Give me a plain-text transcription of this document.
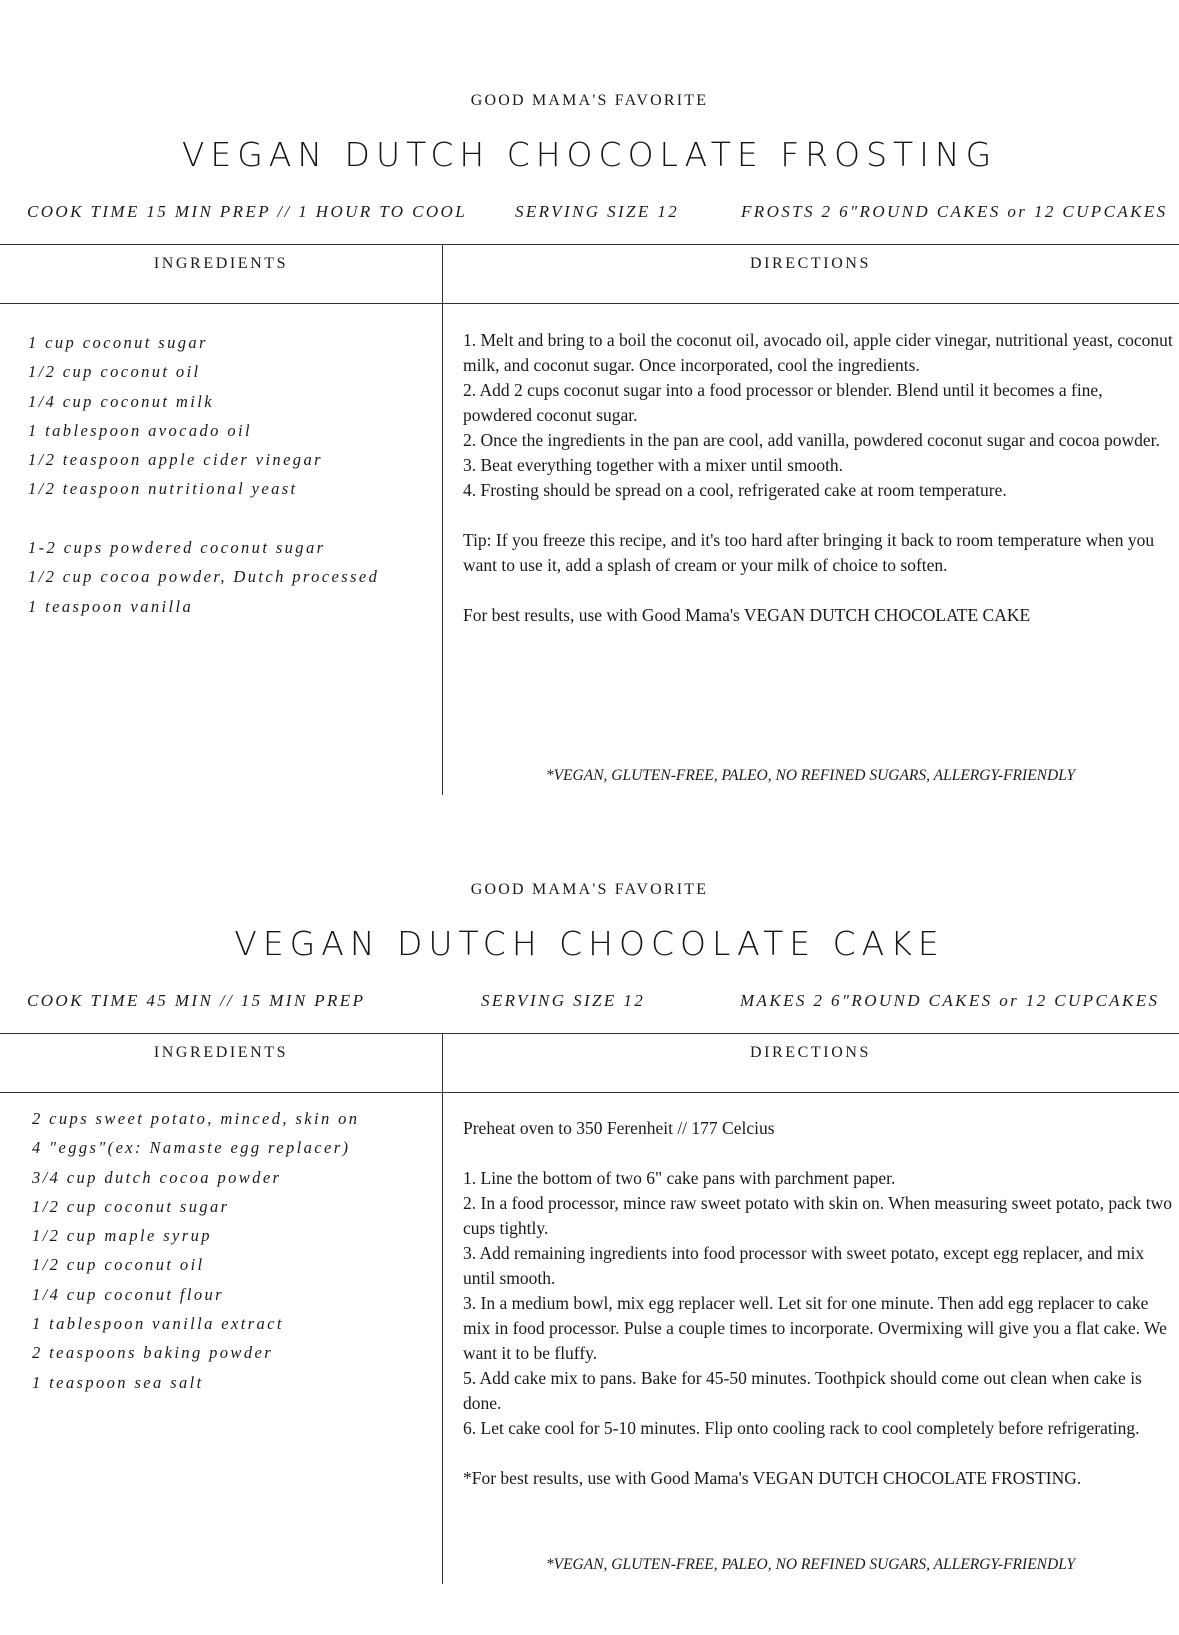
GOOD MAMA'S FAVORITE
VEGAN DUTCH CHOCOLATE FROSTING
COOK TIME 15 MIN PREP // 1 HOUR TO COOL	SERVING SIZE 12	FROSTS 2 6"ROUND CAKES or 12 CUPCAKES
INGREDIENTS	DIRECTIONS
1 cup coconut sugar
1/2 cup coconut oil
1/4 cup coconut milk
1 tablespoon avocado oil
1/2 teaspoon apple cider vinegar
1/2 teaspoon nutritional yeast
1-2 cups powdered coconut sugar
1/2 cup cocoa powder, Dutch processed
1 teaspoon vanilla

1. Melt and bring to a boil the coconut oil, avocado oil, apple cider vinegar, nutritional yeast, coconut milk, and coconut sugar. Once incorporated, cool the ingredients.

2. Add 2 cups coconut sugar into a food processor or blender. Blend until it becomes a fine, powdered coconut sugar.

2. Once the ingredients in the pan are cool, add vanilla, powdered coconut sugar and cocoa powder.

3. Beat everything together with a mixer until smooth.

4. Frosting should be spread on a cool, refrigerated cake at room temperature.

Tip: If you freeze this recipe, and it's too hard after bringing it back to room temperature when you want to use it, add a splash of cream or your milk of choice to soften.

For best results, use with Good Mama's VEGAN DUTCH CHOCOLATE CAKE

*VEGAN, GLUTEN-FREE, PALEO, NO REFINED SUGARS, ALLERGY-FRIENDLY
GOOD MAMA'S FAVORITE
VEGAN DUTCH CHOCOLATE CAKE
COOK TIME 45 MIN // 15 MIN PREP	SERVING SIZE 12	MAKES 2 6"ROUND CAKES or 12 CUPCAKES
INGREDIENTS	DIRECTIONS
2 cups sweet potato, minced, skin on
4 "eggs"(ex: Namaste egg replacer)
3/4 cup dutch cocoa powder
1/2 cup coconut sugar
1/2 cup maple syrup
1/2 cup coconut oil
1/4 cup coconut flour
1 tablespoon vanilla extract
2 teaspoons baking powder
1 teaspoon sea salt

Preheat oven to 350 Ferenheit // 177 Celcius

1. Line the bottom of two 6" cake pans with parchment paper.

2. In a food processor, mince raw sweet potato with skin on. When measuring sweet potato, pack two cups tightly.

3. Add remaining ingredients into food processor with sweet potato, except egg replacer, and mix until smooth.

3. In a medium bowl, mix egg replacer well. Let sit for one minute. Then add egg replacer to cake mix in food processor. Pulse a couple times to incorporate. Overmixing will give you a flat cake. We want it to be fluffy.

5. Add cake mix to pans. Bake for 45-50 minutes. Toothpick should come out clean when cake is done.

6. Let cake cool for 5-10 minutes. Flip onto cooling rack to cool completely before refrigerating.

*For best results, use with Good Mama's VEGAN DUTCH CHOCOLATE FROSTING.

*VEGAN, GLUTEN-FREE, PALEO, NO REFINED SUGARS, ALLERGY-FRIENDLY
